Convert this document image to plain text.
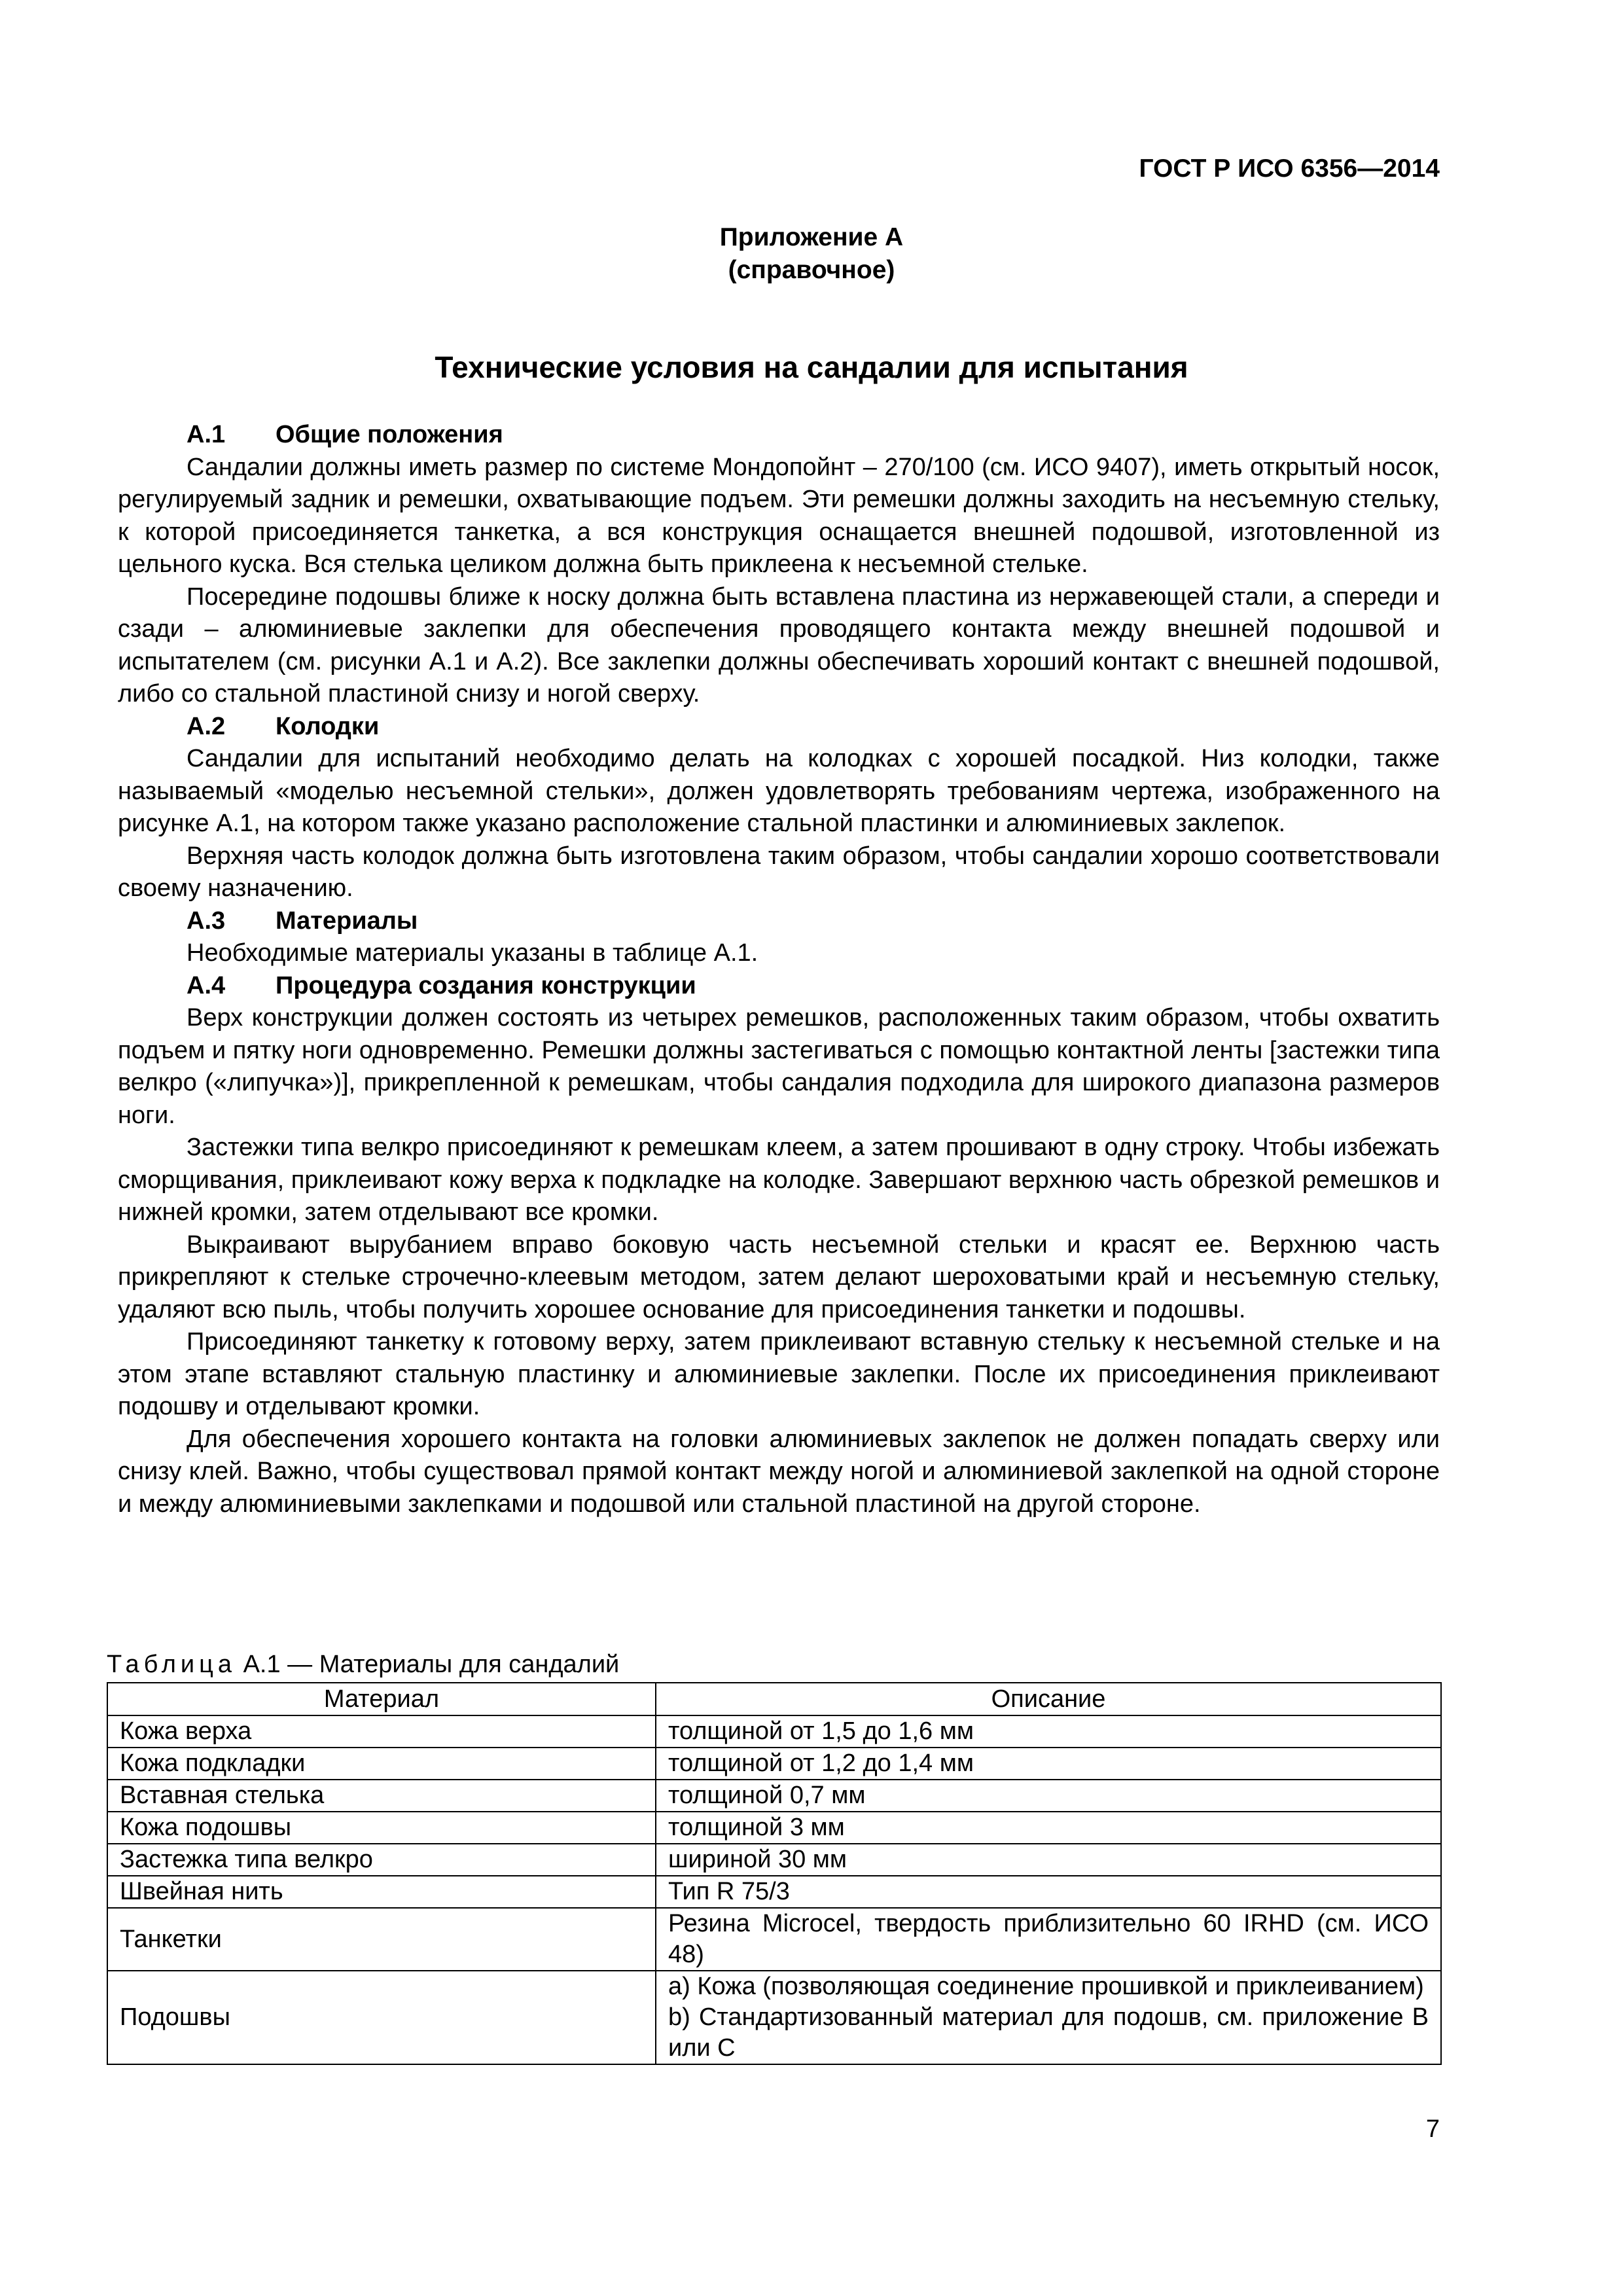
ГОСТ Р ИСО 6356—2014

Приложение А
(справочное)
Технические условия на сандалии для испытания

А.1 Общие положения

Сандалии должны иметь размер по системе Мондопойнт – 270/100 (см. ИСО 9407), иметь открытый носок, регулируемый задник и ремешки, охватывающие подъем. Эти ремешки должны заходить на несъемную стельку, к которой присоединяется танкетка, а вся конструкция оснащается внешней подошвой, изготовленной из цельного куска. Вся стелька целиком должна быть приклеена к несъемной стельке.

Посередине подошвы ближе к носку должна быть вставлена пластина из нержавеющей стали, а спереди и сзади – алюминиевые заклепки для обеспечения проводящего контакта между внешней подошвой и испытателем (см. рисунки А.1 и А.2). Все заклепки должны обеспечивать хороший контакт с внешней подошвой, либо со стальной пластиной снизу и ногой сверху.

А.2 Колодки

Сандалии для испытаний необходимо делать на колодках с хорошей посадкой. Низ колодки, также называемый «моделью несъемной стельки», должен удовлетворять требованиям чертежа, изображенного на рисунке А.1, на котором также указано расположение стальной пластинки и алюминиевых заклепок.

Верхняя часть колодок должна быть изготовлена таким образом, чтобы сандалии хорошо соответствовали своему назначению.

А.3 Материалы

Необходимые материалы указаны в таблице А.1.

А.4 Процедура создания конструкции

Верх конструкции должен состоять из четырех ремешков, расположенных таким образом, чтобы охватить подъем и пятку ноги одновременно. Ремешки должны застегиваться с помощью контактной ленты [застежки типа велкро («липучка»)], прикрепленной к ремешкам, чтобы сандалия подходила для широкого диапазона размеров ноги.

Застежки типа велкро присоединяют к ремешкам клеем, а затем прошивают в одну строку. Чтобы избежать сморщивания, приклеивают кожу верха к подкладке на колодке. Завершают верхнюю часть обрезкой ремешков и нижней кромки, затем отделывают все кромки.

Выкраивают вырубанием вправо боковую часть несъемной стельки и красят ее. Верхнюю часть прикрепляют к стельке строчечно-клеевым методом, затем делают шероховатыми край и несъемную стельку, удаляют всю пыль, чтобы получить хорошее основание для присоединения танкетки и подошвы.

Присоединяют танкетку к готовому верху, затем приклеивают вставную стельку к несъемной стельке и на этом этапе вставляют стальную пластинку и алюминиевые заклепки. После их присоединения приклеивают подошву и отделывают кромки.

Для обеспечения хорошего контакта на головки алюминиевых заклепок не должен попадать сверху или снизу клей. Важно, чтобы существовал прямой контакт между ногой и алюминиевой заклепкой на одной стороне и между алюминиевыми заклепками и подошвой или стальной пластиной на другой стороне.

Таблица А.1 — Материалы для сандалий

Материал	Описание
Кожа верха	толщиной от 1,5 до 1,6 мм
Кожа подкладки	толщиной от 1,2 до 1,4 мм
Вставная стелька	толщиной 0,7 мм
Кожа подошвы	толщиной 3 мм
Застежка типа велкро	шириной 30 мм
Швейная нить	Тип R 75/3
Танкетки	Резина Microcel, твердость приблизительно 60 IRHD (см. ИСО 48)
Подошвы	a) Кожа (позволяющая соединение прошивкой и приклеиванием)
b) Стандартизованный материал для подошв, см. приложение В или С

7
